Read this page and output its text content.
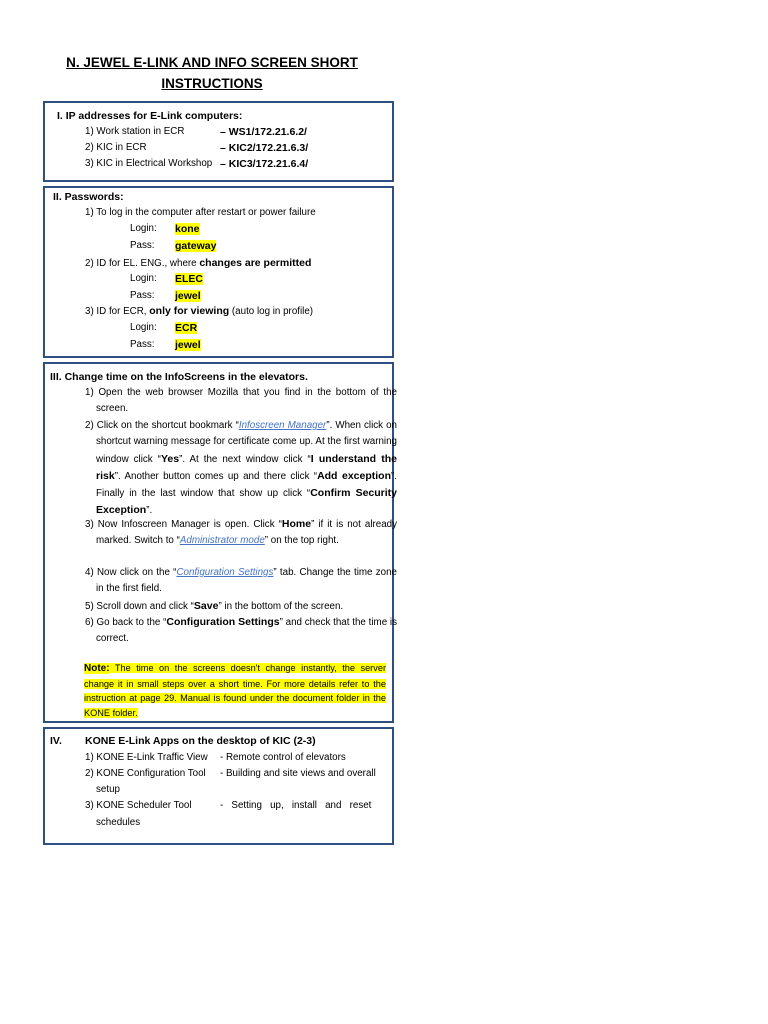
N. JEWEL E-LINK AND INFO SCREEN SHORT
INSTRUCTIONS
I. IP addresses for E-Link computers:
1) Work station in ECR	– WS1/172.21.6.2/
2) KIC in ECR	– KIC2/172.21.6.3/
3) KIC in Electrical Workshop – KIC3/172.21.6.4/
II. Passwords:
1) To log in the computer after restart or power failure
Login: kone
Pass: gateway
2) ID for EL. ENG., where changes are permitted
Login: ELEC
Pass: jewel
3) ID for ECR, only for viewing (auto log in profile)
Login: ECR
Pass: jewel
III. Change time on the InfoScreens in the elevators.

1) Open the web browser Mozilla that you find in the bottom of the screen.

2) Click on the shortcut bookmark “Infoscreen Manager”. When click on shortcut warning message for certificate come up. At the first warning window click “Yes”. At the next window click “I understand the risk”. Another button comes up and there click “Add exception”. Finally in the last window that show up click “Confirm Security Exception”.

3) Now Infoscreen Manager is open. Click “Home” if it is not already marked. Switch to “Administrator mode” on the top right.

4) Now click on the “Configuration Settings” tab. Change the time zone in the first field.

5) Scroll down and click “Save” in the bottom of the screen.

6) Go back to the “Configuration Settings” and check that the time is correct.

Note: The time on the screens doesn't change instantly, the server change it in small steps over a short time. For more details refer to the instruction at page 29. Manual is found under the document folder in the KONE folder.
IV. KONE E-Link Apps on the desktop of KIC (2-3)
1) KONE E-Link Traffic View - Remote control of elevators
2) KONE Configuration Tool - Building and site views and overall
setup
3) KONE Scheduler Tool	-   Setting   up,   install   and   reset
schedules
